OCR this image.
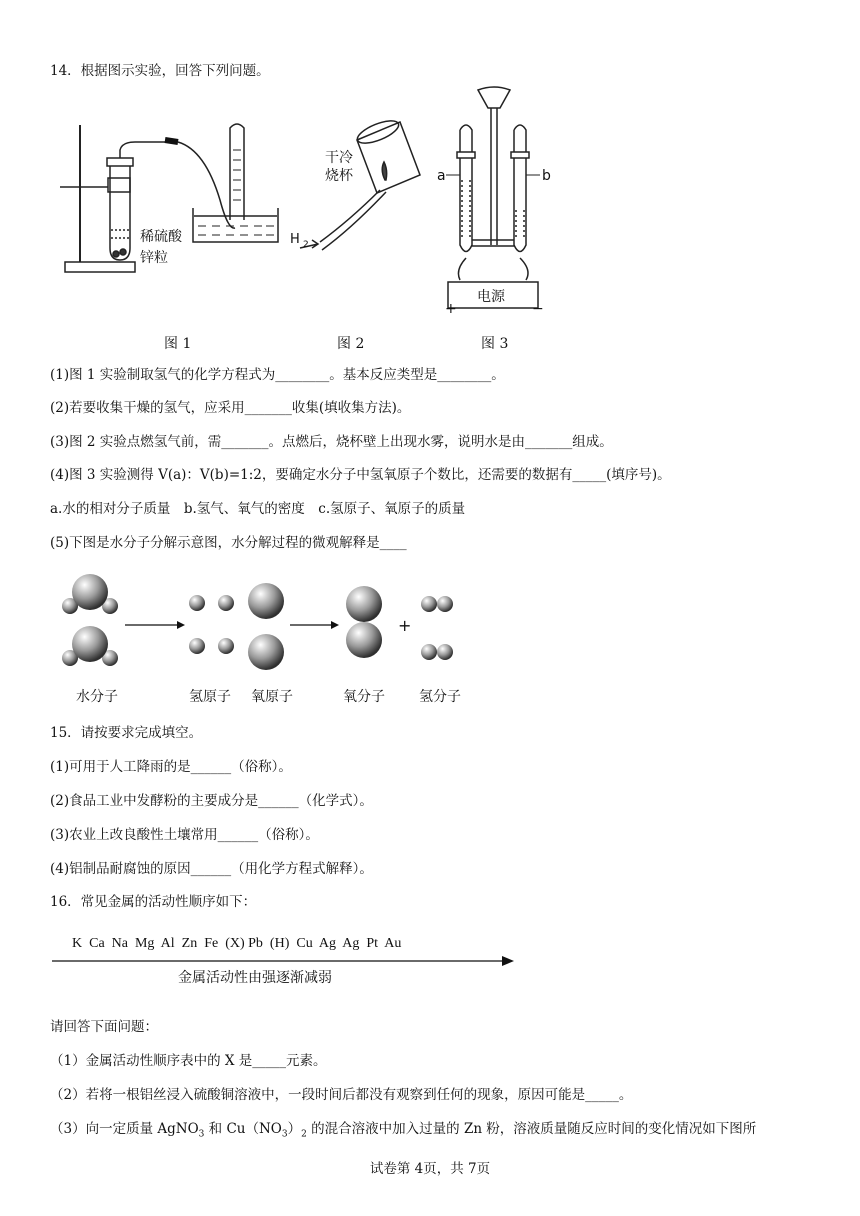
14．根据图示实验，回答下列问题。
稀硫酸
锌粒
干冷
烧杯
H 2
a	b
电源
+	−
图 1	图 2	图 3
(1)图 1 实验制取氢气的化学方程式为________。基本反应类型是________。
(2)若要收集干燥的氢气，应采用_______收集(填收集方法)。
(3)图 2 实验点燃氢气前，需_______。点燃后，烧杯壁上出现水雾，说明水是由_______组成。
(4)图 3 实验测得 V(a)：V(b)=1:2，要确定水分子中氢氧原子个数比，还需要的数据有_____(填序号)。
a.水的相对分子质量　b.氢气、氧气的密度　c.氢原子、氧原子的质量
(5)下图是水分子分解示意图，水分解过程的微观解释是____
+
水分子	氢原子 氧原子	氧分子 氢分子
15．请按要求完成填空。
(1)可用于人工降雨的是______（俗称）。
(2)食品工业中发酵粉的主要成分是______（化学式）。
(3)农业上改良酸性土壤常用______（俗称）。
(4)铝制品耐腐蚀的原因______（用化学方程式解释）。
16．常见金属的活动性顺序如下：
K  Ca  Na  Mg  Al  Zn  Fe  (X) Pb  (H)  Cu  Ag  Ag  Pt  Au
金属活动性由强逐渐减弱
请回答下面问题：
（1）金属活动性顺序表中的 X 是_____元素。
（2）若将一根铝丝浸入硫酸铜溶液中，一段时间后都没有观察到任何的现象，原因可能是_____。
（3）向一定质量 AgNO$_3$ 和 $Cu(NO_3)_2$ 的混合溶液中加入过量的 Zn 粉，溶液质量随反应时间的变化情况如下图所
试卷第 4页，共 7页
